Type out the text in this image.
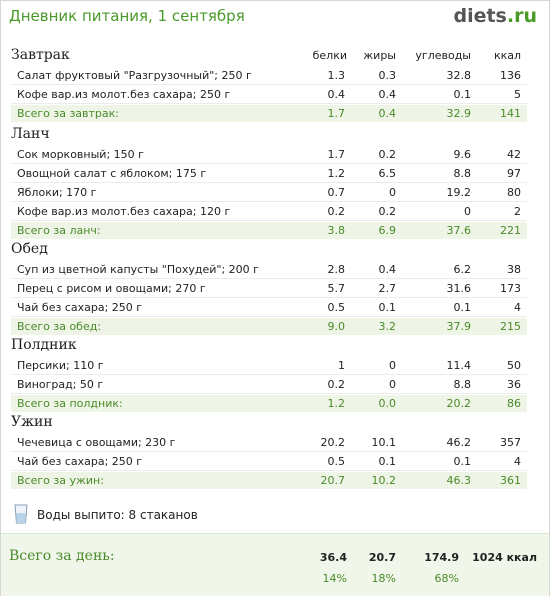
Дневник питания, 1 сентября	diets.ru
белки	жиры	углеводы	ккал
Завтрак
Салат фруктовый "Разгрузочный"; 250 г	1.3	0.3	32.8	136
Кофе вар.из молот.без сахара; 250 г	0.4	0.4	0.1	5
Всего за завтрак:	1.7	0.4	32.9	141
Ланч
Сок морковный; 150 г	1.7	0.2	9.6	42
Овощной салат с яблоком; 175 г	1.2	6.5	8.8	97
Яблоки; 170 г	0.7	0	19.2	80
Кофе вар.из молот.без сахара; 120 г	0.2	0.2	0	2
Всего за ланч:	3.8	6.9	37.6	221
Обед
Суп из цветной капусты "Похудей"; 200 г	2.8	0.4	6.2	38
Перец с рисом и овощами; 270 г	5.7	2.7	31.6	173
Чай без сахара; 250 г	0.5	0.1	0.1	4
Всего за обед:	9.0	3.2	37.9	215
Полдник
Персики; 110 г	1	0	11.4	50
Виноград; 50 г	0.2	0	8.8	36
Всего за полдник:	1.2	0.0	20.2	86
Ужин
Чечевица с овощами; 230 г	20.2	10.1	46.2	357
Чай без сахара; 250 г	0.5	0.1	0.1	4
Всего за ужин:	20.7	10.2	46.3	361
Воды выпито: 8 стаканов
Всего за день:	36.4	20.7	174.9	1024 ккал
14%	18%	68%
